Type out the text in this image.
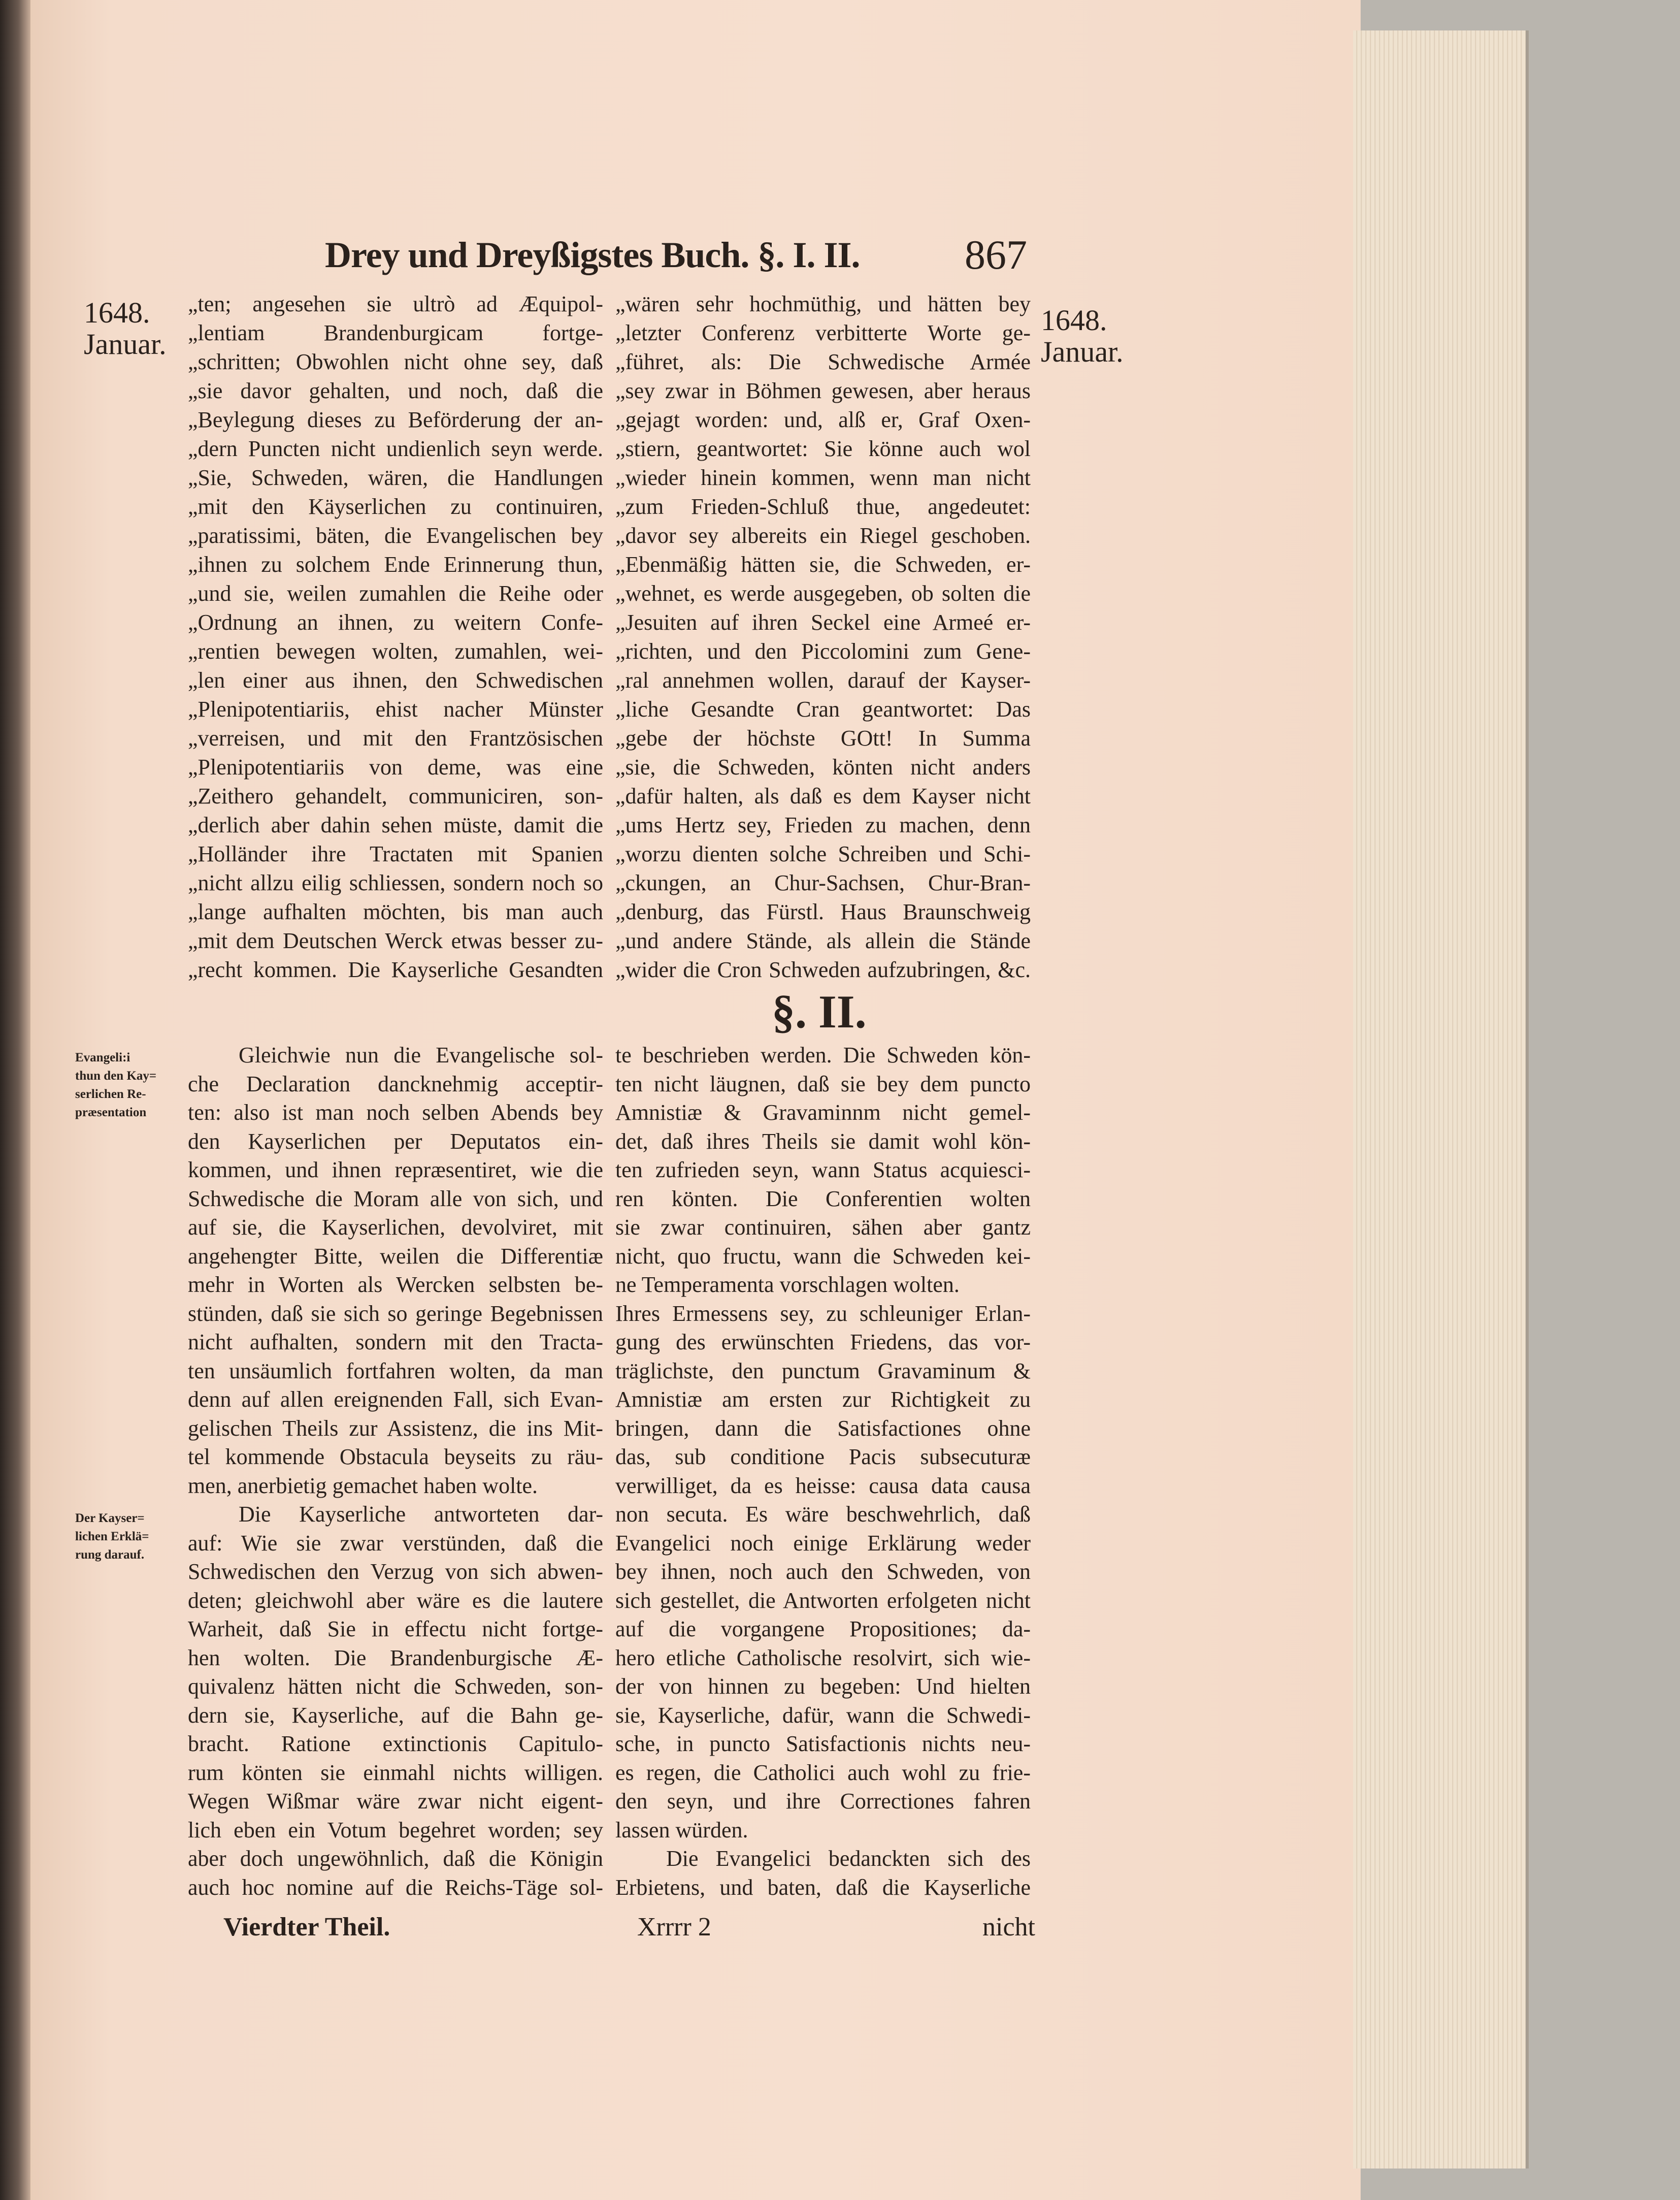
Drey und Dreyßigstes Buch. §. I. II.	867
1648.
Januar.
1648.
Januar.
Evangeli:i
thun den Kay=
serlichen Re-
præsentation
Der Kayser=
lichen Erklä=
rung darauf.
„ten; angesehen sie ultrò ad Æquipol-
„lentiam Brandenburgicam fortge-
„schritten; Obwohlen nicht ohne sey, daß
„sie davor gehalten, und noch, daß die
„Beylegung dieses zu Beförderung der an-
„dern Puncten nicht undienlich seyn werde.
„Sie, Schweden, wären, die Handlungen
„mit den Käyserlichen zu continuiren,
„paratissimi, bäten, die Evangelischen bey
„ihnen zu solchem Ende Erinnerung thun,
„und sie, weilen zumahlen die Reihe oder
„Ordnung an ihnen, zu weitern Confe-
„rentien bewegen wolten, zumahlen, wei-
„len einer aus ihnen, den Schwedischen
„Plenipotentiariis, ehist nacher Münster
„verreisen, und mit den Frantzösischen
„Plenipotentiariis von deme, was eine
„Zeithero gehandelt, communiciren, son-
„derlich aber dahin sehen müste, damit die
„Holländer ihre Tractaten mit Spanien
„nicht allzu eilig schliessen, sondern noch so
„lange aufhalten möchten, bis man auch
„mit dem Deutschen Werck etwas besser zu-
„recht kommen. Die Kayserliche Gesandten
„wären sehr hochmüthig, und hätten bey
„letzter Conferenz verbitterte Worte ge-
„führet, als: Die Schwedische Armée
„sey zwar in Böhmen gewesen, aber heraus
„gejagt worden: und, alß er, Graf Oxen-
„stiern, geantwortet: Sie könne auch wol
„wieder hinein kommen, wenn man nicht
„zum Frieden-Schluß thue, angedeutet:
„davor sey albereits ein Riegel geschoben.
„Ebenmäßig hätten sie, die Schweden, er-
„wehnet, es werde ausgegeben, ob solten die
„Jesuiten auf ihren Seckel eine Armeé er-
„richten, und den Piccolomini zum Gene-
„ral annehmen wollen, darauf der Kayser-
„liche Gesandte Cran geantwortet: Das
„gebe der höchste GOtt! In Summa
„sie, die Schweden, könten nicht anders
„dafür halten, als daß es dem Kayser nicht
„ums Hertz sey, Frieden zu machen, denn
„worzu dienten solche Schreiben und Schi-
„ckungen, an Chur-Sachsen, Chur-Bran-
„denburg, das Fürstl. Haus Braunschweig
„und andere Stände, als allein die Stände
„wider die Cron Schweden aufzubringen, &c.
§. II.
Gleichwie nun die Evangelische sol-
che Declaration dancknehmig acceptir-
ten: also ist man noch selben Abends bey
den Kayserlichen per Deputatos ein-
kommen, und ihnen repræsentiret, wie die
Schwedische die Moram alle von sich, und
auf sie, die Kayserlichen, devolviret, mit
angehengter Bitte, weilen die Differentiæ
mehr in Worten als Wercken selbsten be-
stünden, daß sie sich so geringe Begebnissen
nicht aufhalten, sondern mit den Tracta-
ten unsäumlich fortfahren wolten, da man
denn auf allen ereignenden Fall, sich Evan-
gelischen Theils zur Assistenz, die ins Mit-
tel kommende Obstacula beyseits zu räu-
men, anerbietig gemachet haben wolte.
Die Kayserliche antworteten dar-
auf: Wie sie zwar verstünden, daß die
Schwedischen den Verzug von sich abwen-
deten; gleichwohl aber wäre es die lautere
Warheit, daß Sie in effectu nicht fortge-
hen wolten. Die Brandenburgische Æ-
quivalenz hätten nicht die Schweden, son-
dern sie, Kayserliche, auf die Bahn ge-
bracht. Ratione extinctionis Capitulo-
rum könten sie einmahl nichts willigen.
Wegen Wißmar wäre zwar nicht eigent-
lich eben ein Votum begehret worden; sey
aber doch ungewöhnlich, daß die Königin
auch hoc nomine auf die Reichs-Täge sol-
te beschrieben werden. Die Schweden kön-
ten nicht läugnen, daß sie bey dem puncto
Amnistiæ & Gravaminnm nicht gemel-
det, daß ihres Theils sie damit wohl kön-
ten zufrieden seyn, wann Status acquiesci-
ren könten. Die Conferentien wolten
sie zwar continuiren, sähen aber gantz
nicht, quo fructu, wann die Schweden kei-
ne Temperamenta vorschlagen wolten.
Ihres Ermessens sey, zu schleuniger Erlan-
gung des erwünschten Friedens, das vor-
träglichste, den punctum Gravaminum &
Amnistiæ am ersten zur Richtigkeit zu
bringen, dann die Satisfactiones ohne
das, sub conditione Pacis subsecuturæ
verwilliget, da es heisse: causa data causa
non secuta. Es wäre beschwehrlich, daß
Evangelici noch einige Erklärung weder
bey ihnen, noch auch den Schweden, von
sich gestellet, die Antworten erfolgeten nicht
auf die vorgangene Propositiones; da-
hero etliche Catholische resolvirt, sich wie-
der von hinnen zu begeben: Und hielten
sie, Kayserliche, dafür, wann die Schwedi-
sche, in puncto Satisfactionis nichts neu-
es regen, die Catholici auch wohl zu frie-
den seyn, und ihre Correctiones fahren
lassen würden.
Die Evangelici bedanckten sich des
Erbietens, und baten, daß die Kayserliche
Vierdter Theil.	Xrrrr 2	nicht
